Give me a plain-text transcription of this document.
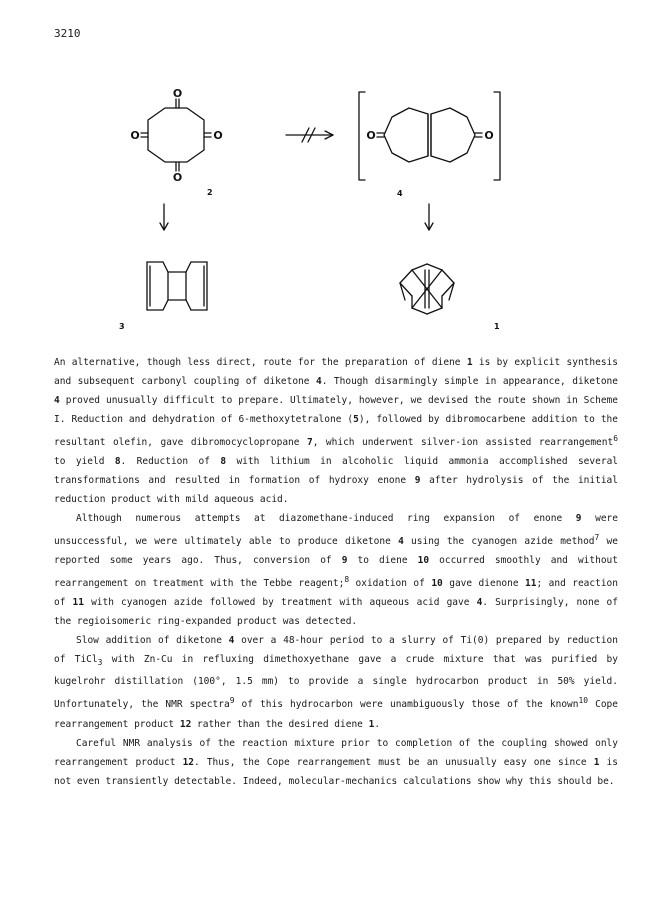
3210
O
O
O	O	O	O
2	4
3	1

An alternative, though less direct, route for the preparation of diene 1 is by explicit synthesis and subsequent carbonyl coupling of diketone 4. Though disarmingly simple in appearance, diketone 4 proved unusually difficult to prepare. Ultimately, however, we devised the route shown in Scheme I. Reduction and dehydration of 6-methoxytetralone (5), followed by dibromocarbene addition to the resultant olefin, gave dibromocyclopropane 7, which underwent silver-ion assisted rearrangement$^6$ to yield 8. Reduction of 8 with lithium in alcoholic liquid ammonia accomplished several transformations and resulted in formation of hydroxy enone 9 after hydrolysis of the initial reduction product with mild aqueous acid.

Although numerous attempts at diazomethane-induced ring expansion of enone 9 were unsuccessful, we were ultimately able to produce diketone 4 using the cyanogen azide method$^7$ we reported some years ago. Thus, conversion of 9 to diene 10 occurred smoothly and without rearrangement on treatment with the Tebbe reagent;$^8$ oxidation of 10 gave dienone 11; and reaction of 11 with cyanogen azide followed by treatment with aqueous acid gave 4. Surprisingly, none of the regioisomeric ring-expanded product was detected.

Slow addition of diketone 4 over a 48-hour period to a slurry of Ti(0) prepared by reduction of TiCl$_3$ with Zn-Cu in refluxing dimethoxyethane gave a crude mixture that was purified by kugelrohr distillation (100°, 1.5 mm) to provide a single hydrocarbon product in 50% yield. Unfortunately, the NMR spectra$^9$ of this hydrocarbon were unambiguously those of the known$^{10}$ Cope rearrangement product 12 rather than the desired diene 1.

Careful NMR analysis of the reaction mixture prior to completion of the coupling showed only rearrangement product 12. Thus, the Cope rearrangement must be an unusually easy one since 1 is not even transiently detectable. Indeed, molecular-mechanics calculations show why this should be.
